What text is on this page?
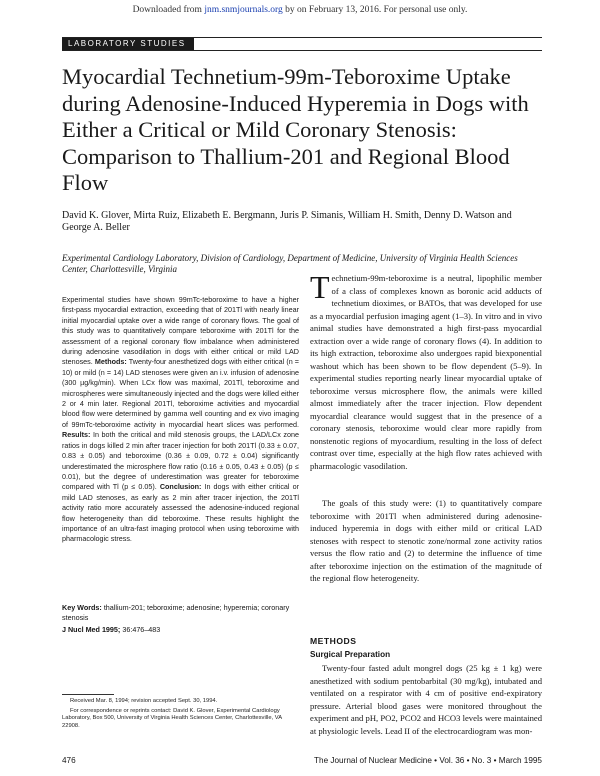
Downloaded from jnm.snmjournals.org by on February 13, 2016. For personal use only.
LABORATORY STUDIES
Myocardial Technetium-99m-Teboroxime Uptake during Adenosine-Induced Hyperemia in Dogs with Either a Critical or Mild Coronary Stenosis: Comparison to Thallium-201 and Regional Blood Flow
David K. Glover, Mirta Ruiz, Elizabeth E. Bergmann, Juris P. Simanis, William H. Smith, Denny D. Watson and George A. Beller
Experimental Cardiology Laboratory, Division of Cardiology, Department of Medicine, University of Virginia Health Sciences Center, Charlottesville, Virginia
Experimental studies have shown 99mTc-teboroxime to have a higher first-pass myocardial extraction, exceeding that of 201Tl with nearly linear initial myocardial uptake over a wide range of coronary flows. The goal of this study was to quantitatively compare teboroxime with 201Tl for the assessment of a regional coronary flow imbalance when administered during adenosine vasodilation in dogs with either critical or mild LAD stenoses. Methods: Twenty-four anesthetized dogs with either critical (n = 10) or mild (n = 14) LAD stenoses were given an i.v. infusion of adenosine (300 µg/kg/min). When LCx flow was maximal, 201Tl, teboroxime and microspheres were simultaneously injected and the dogs were killed either 2 or 4 min later. Regional 201Tl, teboroxime activities and myocardial blood flow were determined by gamma well counting and ex vivo imaging of 99mTc-teboroxime activity in myocardial heart slices was performed. Results: In both the critical and mild stenosis groups, the LAD/LCx zone ratios in dogs killed 2 min after tracer injection for both 201Tl (0.33 ± 0.07, 0.83 ± 0.05) and teboroxime (0.36 ± 0.09, 0.72 ± 0.04) significantly underestimated the microsphere flow ratio (0.16 ± 0.05, 0.43 ± 0.05) (p ≤ 0.01), but the degree of underestimation was greater for teboroxime compared with Tl (p ≤ 0.05). Conclusion: In dogs with either critical or mild LAD stenoses, as early as 2 min after tracer injection, the 201Tl activity ratio more accurately assessed the adenosine-induced regional flow heterogeneity than did teboroxime. These results highlight the importance of an ultra-fast imaging protocol when using teboroxime with pharmacologic stress.
Key Words: thallium-201; teboroxime; adenosine; hyperemia; coronary stenosis
J Nucl Med 1995; 36:476–483

Received Mar. 8, 1994; revision accepted Sept. 30, 1994.

For correspondence or reprints contact: David K. Glover, Experimental Cardiology Laboratory, Box 500, University of Virginia Health Sciences Center, Charlottesville, VA 22908.

Technetium-99m-teboroxime is a neutral, lipophilic member of a class of complexes known as boronic acid adducts of technetium dioximes, or BATOs, that was developed for use as a myocardial perfusion imaging agent (1–3). In vitro and in vivo animal studies have demonstrated a high first-pass myocardial extraction over a wide range of coronary flows (4). In addition to its high extraction, teboroxime also undergoes rapid biexponential washout which has been shown to be flow dependent (5–9). In experimental studies reporting nearly linear myocardial uptake of teboroxime versus microsphere flow, the animals were killed almost immediately after the tracer injection. Flow dependent myocardial clearance would suggest that in the presence of a coronary stenosis, teboroxime would clear more rapidly from nonstenotic regions of myocardium, resulting in the loss of defect contrast over time, especially at the high flow rates achieved with pharmacologic vasodilation.

The goals of this study were: (1) to quantitatively compare teboroxime with 201Tl when administered during adenosine-induced hyperemia in dogs with either mild or critical LAD stenoses with respect to stenotic zone/normal zone activity ratios versus the flow ratio and (2) to determine the influence of time after teboroxime injection on the estimation of the magnitude of the regional flow heterogeneity.

METHODS
Surgical Preparation

Twenty-four fasted adult mongrel dogs (25 kg ± 1 kg) were anesthetized with sodium pentobarbital (30 mg/kg), intubated and ventilated on a respirator with 4 cm of positive end-expiratory pressure. Arterial blood gases were monitored throughout the experiment and pH, PO2, PCO2 and HCO3 levels were maintained at physiologic levels. Lead II of the electrocardiogram was mon-

476	The Journal of Nuclear Medicine • Vol. 36 • No. 3 • March 1995
